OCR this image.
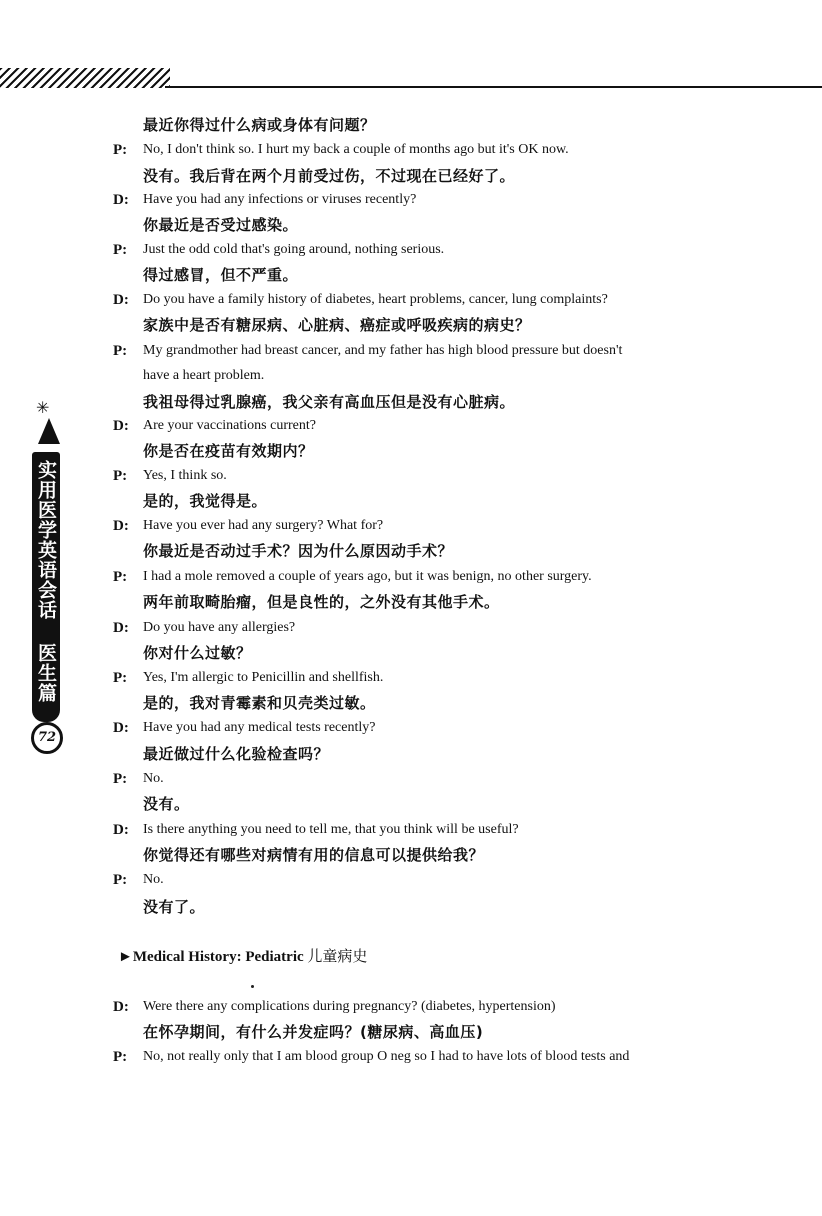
✳
实用医学英语会话 医生篇
72
最近你得过什么病或身体有问题？
P: No, I don't think so. I hurt my back a couple of months ago but it's OK now.
没有。我后背在两个月前受过伤，不过现在已经好了。
D: Have you had any infections or viruses recently?
你最近是否受过感染。
P: Just the odd cold that's going around, nothing serious.
得过感冒，但不严重。
D: Do you have a family history of diabetes, heart problems, cancer, lung complaints?
家族中是否有糖尿病、心脏病、癌症或呼吸疾病的病史？
P: My grandmother had breast cancer, and my father has high blood pressure but doesn't
have a heart problem.
我祖母得过乳腺癌，我父亲有高血压但是没有心脏病。
D: Are your vaccinations current?
你是否在疫苗有效期内？
P: Yes, I think so.
是的，我觉得是。
D: Have you ever had any surgery? What for?
你最近是否动过手术？因为什么原因动手术？
P: I had a mole removed a couple of years ago, but it was benign, no other surgery.
两年前取畸胎瘤，但是良性的，之外没有其他手术。
D: Do you have any allergies?
你对什么过敏？
P: Yes, I'm allergic to Penicillin and shellfish.
是的，我对青霉素和贝壳类过敏。
D: Have you had any medical tests recently?
最近做过什么化验检查吗？
P: No.
没有。
D: Is there anything you need to tell me, that you think will be useful?
你觉得还有哪些对病情有用的信息可以提供给我？
P: No.
没有了。
►Medical History: Pediatric 儿童病史
D: Were there any complications during pregnancy? (diabetes, hypertension)
在怀孕期间，有什么并发症吗？(糖尿病、高血压)
P: No, not really only that I am blood group O neg so I had to have lots of blood tests and
